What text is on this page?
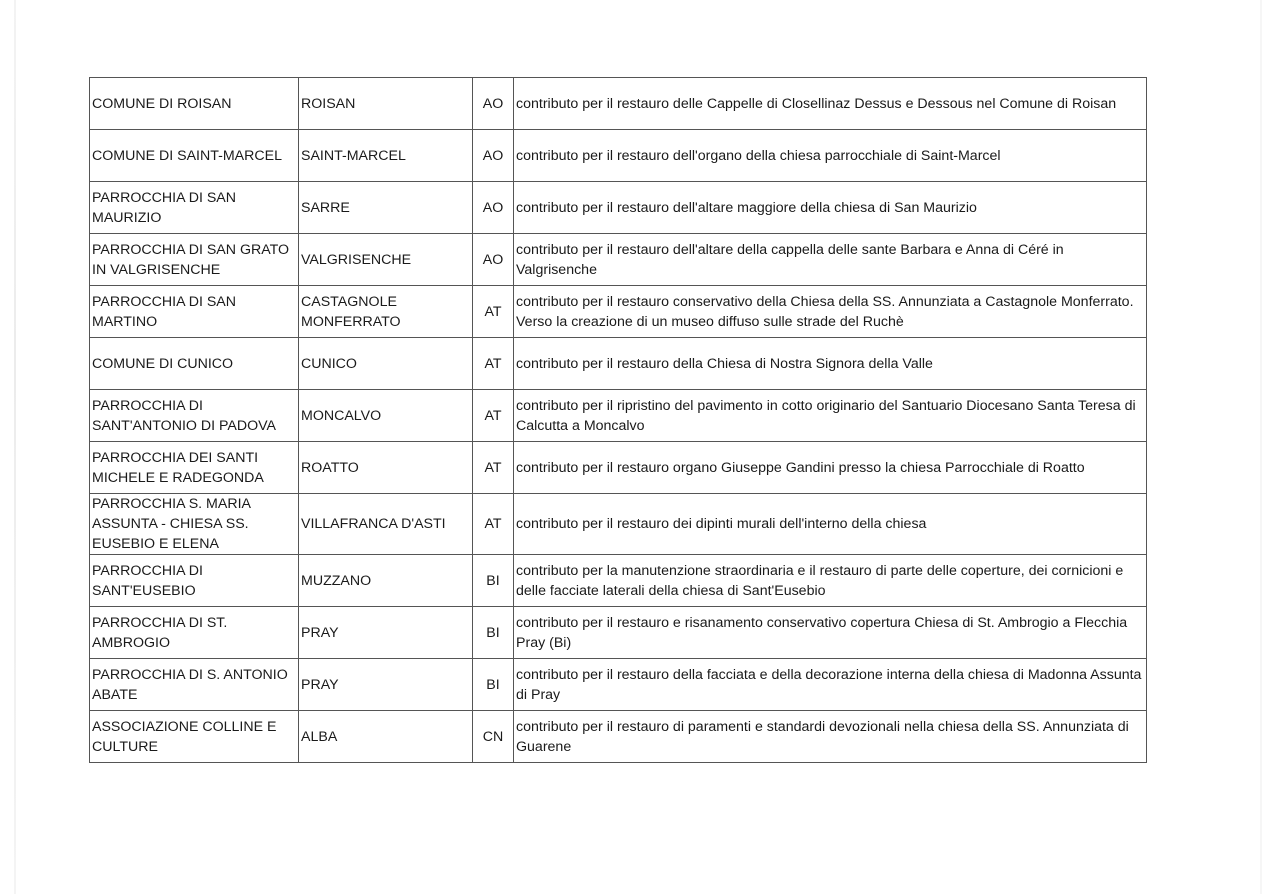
COMUNE DI ROISAN	ROISAN	AO	contributo per il restauro delle Cappelle di Closellinaz Dessus e Dessous nel Comune di Roisan
COMUNE DI SAINT-MARCEL	SAINT-MARCEL	AO	contributo per il restauro dell'organo della chiesa parrocchiale di Saint-Marcel
PARROCCHIA DI SAN MAURIZIO	SARRE	AO	contributo per il restauro dell'altare maggiore della chiesa di San Maurizio
PARROCCHIA DI SAN GRATO IN VALGRISENCHE	VALGRISENCHE	AO	contributo per il restauro dell'altare della cappella delle sante Barbara e Anna di Céré in Valgrisenche
PARROCCHIA DI SAN MARTINO	CASTAGNOLE MONFERRATO	AT	contributo per il restauro conservativo della Chiesa della SS. Annunziata a Castagnole Monferrato. Verso la creazione di un museo diffuso sulle strade del Ruchè
COMUNE DI CUNICO	CUNICO	AT	contributo per il restauro della Chiesa di Nostra Signora della Valle
PARROCCHIA DI SANT'ANTONIO DI PADOVA	MONCALVO	AT	contributo per il ripristino del pavimento in cotto originario del Santuario Diocesano Santa Teresa di Calcutta a Moncalvo
PARROCCHIA DEI SANTI MICHELE E RADEGONDA	ROATTO	AT	contributo per il restauro organo Giuseppe Gandini presso la chiesa Parrocchiale di Roatto
PARROCCHIA S. MARIA ASSUNTA - CHIESA SS. EUSEBIO E ELENA	VILLAFRANCA D'ASTI	AT	contributo per il restauro dei dipinti murali dell'interno della chiesa
PARROCCHIA DI SANT'EUSEBIO	MUZZANO	BI	contributo per la manutenzione straordinaria e il restauro di parte delle coperture, dei cornicioni e delle facciate laterali della chiesa di Sant'Eusebio
PARROCCHIA DI ST. AMBROGIO	PRAY	BI	contributo per il restauro e risanamento conservativo copertura Chiesa di St. Ambrogio a Flecchia Pray (Bi)
PARROCCHIA DI S. ANTONIO ABATE	PRAY	BI	contributo per il restauro della facciata e della decorazione interna della chiesa di Madonna Assunta di Pray
ASSOCIAZIONE COLLINE E CULTURE	ALBA	CN	contributo per il restauro di paramenti e standardi devozionali nella chiesa della SS. Annunziata di Guarene
